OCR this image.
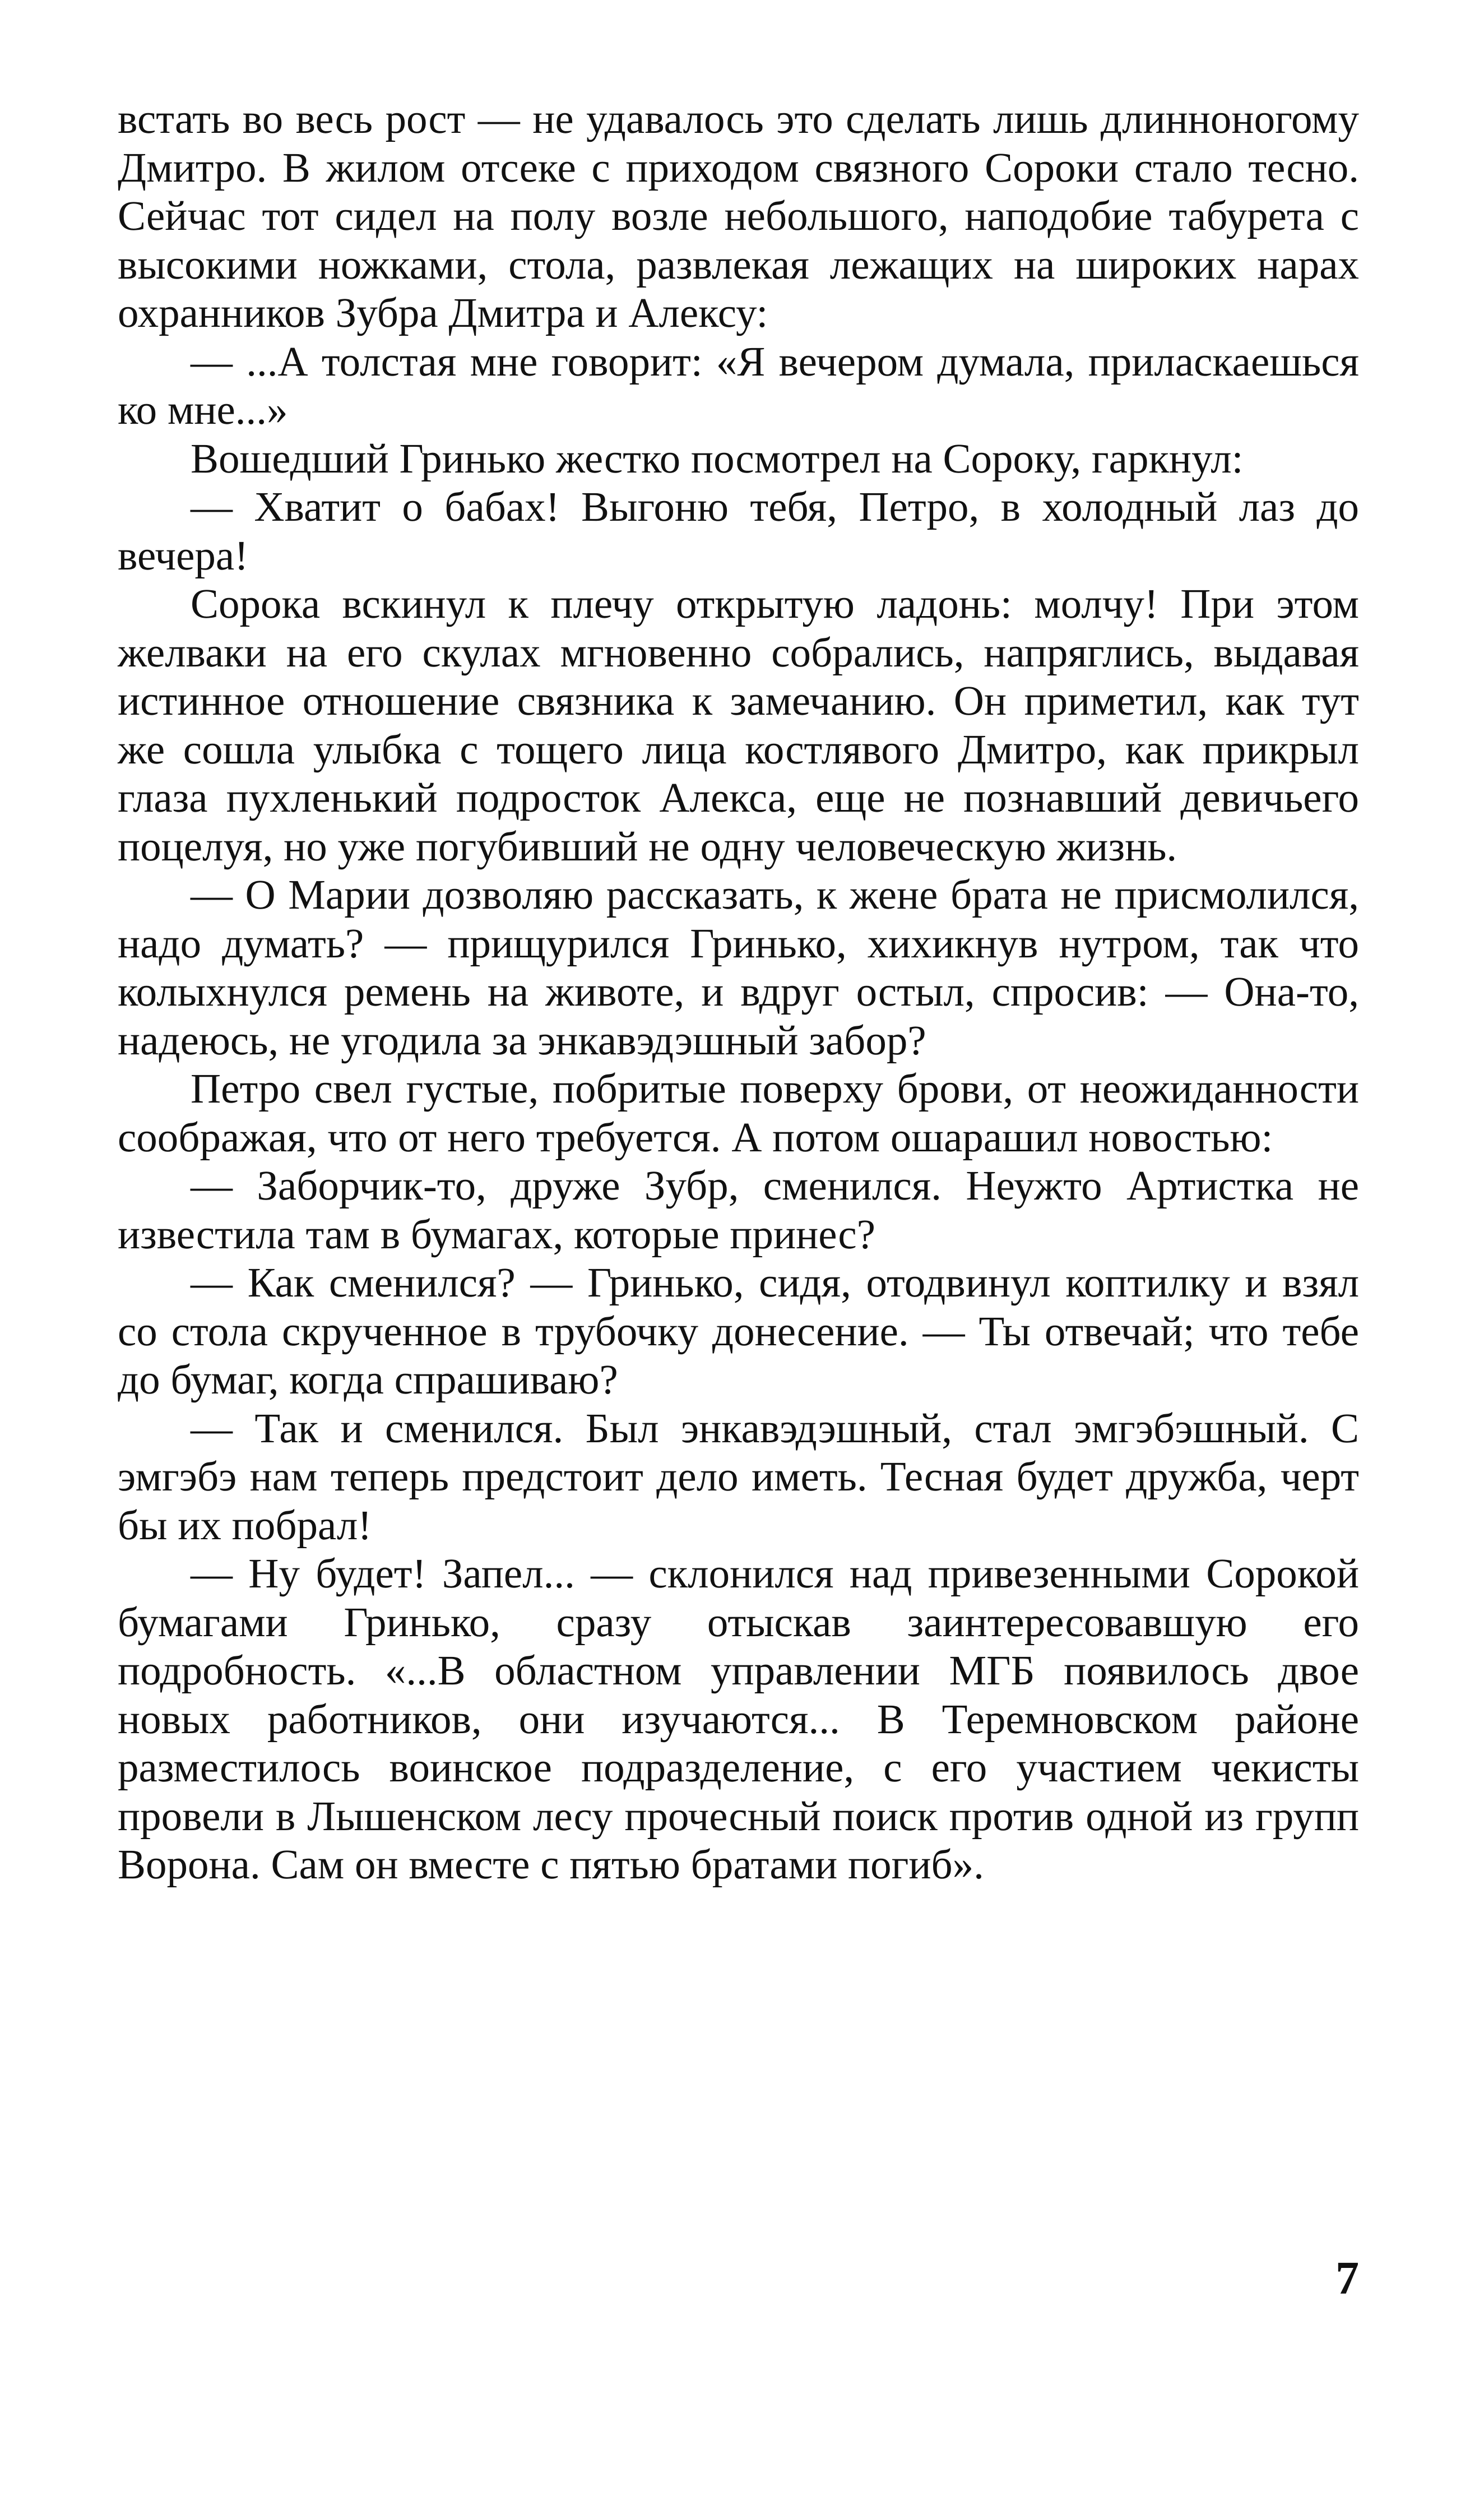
встать во весь рост — не удавалось это сделать лишь длинноногому Дмитро. В жилом отсеке с приходом связного Сороки стало тесно. Сейчас тот сидел на полу возле небольшого, наподобие табурета с высокими ножками, стола, развлекая лежащих на широких нарах охранников Зубра Дмитра и Алексу:

— ...А толстая мне говорит: «Я вечером думала, приласкаешься ко мне...»

Вошедший Гринько жестко посмотрел на Сороку, гаркнул:

— Хватит о бабах! Выгоню тебя, Петро, в холодный лаз до вечера!

Сорока вскинул к плечу открытую ладонь: молчу! При этом желваки на его скулах мгновенно собрались, напряглись, выдавая истинное отношение связника к замечанию. Он приметил, как тут же сошла улыбка с тощего лица костлявого Дмитро, как прикрыл глаза пухленький подросток Алекса, еще не познавший девичьего поцелуя, но уже погубивший не одну человеческую жизнь.

— О Марии дозволяю рассказать, к жене брата не присмолился, надо думать? — прищурился Гринько, хихикнув нутром, так что колыхнулся ремень на животе, и вдруг остыл, спросив: — Она-то, надеюсь, не угодила за энкавэдэшный забор?

Петро свел густые, побритые поверху брови, от неожиданности соображая, что от него требуется. А потом ошарашил новостью:

— Заборчик-то, друже Зубр, сменился. Неужто Артистка не известила там в бумагах, которые принес?

— Как сменился? — Гринько, сидя, отодвинул коптилку и взял со стола скрученное в трубочку донесение. — Ты отвечай; что тебе до бумаг, когда спрашиваю?

— Так и сменился. Был энкавэдэшный, стал эмгэбэшный. С эмгэбэ нам теперь предстоит дело иметь. Тесная будет дружба, черт бы их побрал!

— Ну будет! Запел... — склонился над привезенными Сорокой бумагами Гринько, сразу отыскав заинтересовавшую его подробность. «...В областном управлении МГБ появилось двое новых работников, они изучаются... В Теремновском районе разместилось воинское подразделение, с его участием чекисты провели в Лышенском лесу прочесный поиск против одной из групп Ворона. Сам он вместе с пятью братами погиб».

7
